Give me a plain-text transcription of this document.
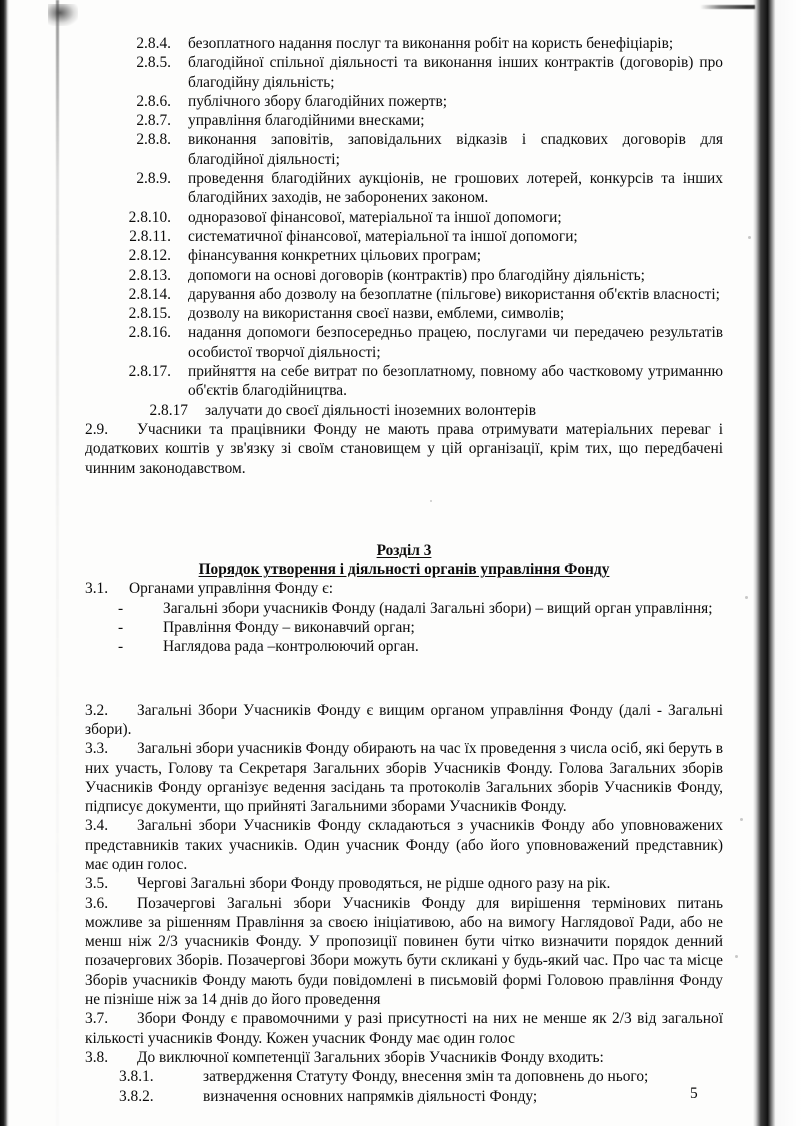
2.8.4.	безоплатного надання послуг та виконання робіт на користь бенефіціарів;
2.8.5.	благодійної спільної діяльності та виконання інших контрактів (договорів) про благодійну діяльність;
2.8.6.	публічного збору благодійних пожертв;
2.8.7.	управління благодійними внесками;
2.8.8.	виконання заповітів, заповідальних відказів і спадкових договорів для благодійної діяльності;
2.8.9.	проведення благодійних аукціонів, не грошових лотерей, конкурсів та інших благодійних заходів, не заборонених законом.
2.8.10.	одноразової фінансової, матеріальної та іншої допомоги;
2.8.11.	систематичної фінансової, матеріальної та іншої допомоги;
2.8.12.	фінансування конкретних цільових програм;
2.8.13.	допомоги на основі договорів (контрактів) про благодійну діяльність;
2.8.14.	дарування або дозволу на безоплатне (пільгове) використання об'єктів власності;
2.8.15.	дозволу на використання своєї назви, емблеми, символів;
2.8.16.	надання допомоги безпосередньо працею, послугами чи передачею результатів особистої творчої діяльності;
2.8.17.	прийняття на себе витрат по безоплатному, повному або частковому утриманню об'єктів благодійництва.
2.8.17	залучати до своєї діяльності іноземних волонтерів
2.9. Учасники та працівники Фонду не мають права отримувати матеріальних переваг і додаткових коштів у зв'язку зі своїм становищем у цій організації, крім тих, що передбачені чинним законодавством.
Розділ 3
Порядок утворення і діяльності органів управління Фонду
3.1.	Органами управління Фонду є:
-	Загальні збори учасників Фонду (надалі Загальні збори) – вищий орган управління;
-	Правління Фонду – виконавчий орган;
-	Наглядова рада –контролюючий орган.
3.2. Загальні Збори Учасників Фонду є вищим органом управління Фонду (далі - Загальні збори).
3.3. Загальні збори учасників Фонду обирають на час їх проведення з числа осіб, які беруть в них участь, Голову та Секретаря Загальних зборів Учасників Фонду. Голова Загальних зборів Учасників Фонду організує ведення засідань та протоколів Загальних зборів Учасників Фонду, підписує документи, що прийняті Загальними зборами Учасників Фонду.
3.4. Загальні збори Учасників Фонду складаються з учасників Фонду або уповноважених представників таких учасників. Один учасник Фонду (або його уповноважений представник) має один голос.
3.5. Чергові Загальні збори Фонду проводяться, не рідше одного разу на рік.
3.6. Позачергові Загальні збори Учасників Фонду для вирішення термінових питань можливе за рішенням Правління за своєю ініціативою, або на вимогу Наглядової Ради, або не менш ніж 2/3 учасників Фонду. У пропозиції повинен бути чітко визначити порядок денний позачергових Зборів. Позачергові Збори можуть бути скликані у будь-який час. Про час та місце Зборів учасників Фонду мають буди повідомлені в письмовій формі Головою правління Фонду не пізніше ніж за 14 днів до його проведення
3.7. Збори Фонду є правомочними у разі присутності на них не менше як 2/3 від загальної кількості учасників Фонду. Кожен учасник Фонду має один голос
3.8. До виключної компетенції Загальних зборів Учасників Фонду входить:
3.8.1.	затвердження Статуту Фонду, внесення змін та доповнень до нього;
3.8.2.	визначення основних напрямків діяльності Фонду;	5
